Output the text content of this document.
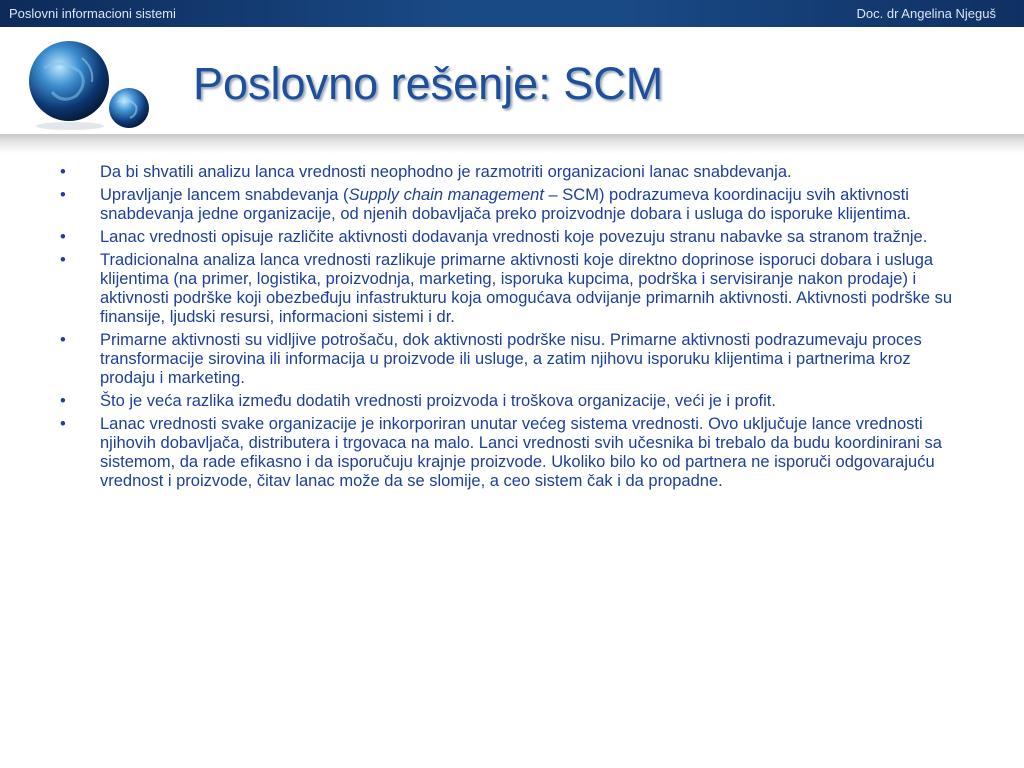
Poslovni informacioni sistemi	Doc. dr Angelina Njeguš
Poslovno rešenje: SCM
• Da bi shvatili analizu lanca vrednosti neophodno je razmotriti organizacioni lanac snabdevanja.
• Upravljanje lancem snabdevanja (Supply chain management – SCM) podrazumeva koordinaciju svih aktivnosti snabdevanja jedne organizacije, od njenih dobavljača preko proizvodnje dobara i usluga do isporuke klijentima.
• Lanac vrednosti opisuje različite aktivnosti dodavanja vrednosti koje povezuju stranu nabavke sa stranom tražnje.
• Tradicionalna analiza lanca vrednosti razlikuje primarne aktivnosti koje direktno doprinose isporuci dobara i usluga klijentima (na primer, logistika, proizvodnja, marketing, isporuka kupcima, podrška i servisiranje nakon prodaje) i aktivnosti podrške koji obezbeđuju infastrukturu koja omogućava odvijanje primarnih aktivnosti. Aktivnosti podrške su finansije, ljudski resursi, informacioni sistemi i dr.
• Primarne aktivnosti su vidljive potrošaču, dok aktivnosti podrške nisu. Primarne aktivnosti podrazumevaju proces transformacije sirovina ili informacija u proizvode ili usluge, a zatim njihovu isporuku klijentima i partnerima kroz prodaju i marketing.
• Što je veća razlika između dodatih vrednosti proizvoda i troškova organizacije, veći je i profit.
• Lanac vrednosti svake organizacije je inkorporiran unutar većeg sistema vrednosti. Ovo uključuje lance vrednosti njihovih dobavljača, distributera i trgovaca na malo. Lanci vrednosti svih učesnika bi trebalo da budu koordinirani sa sistemom, da rade efikasno i da isporučuju krajnje proizvode. Ukoliko bilo ko od partnera ne isporuči odgovarajuću vrednost i proizvode, čitav lanac može da se slomije, a ceo sistem čak i da propadne.
